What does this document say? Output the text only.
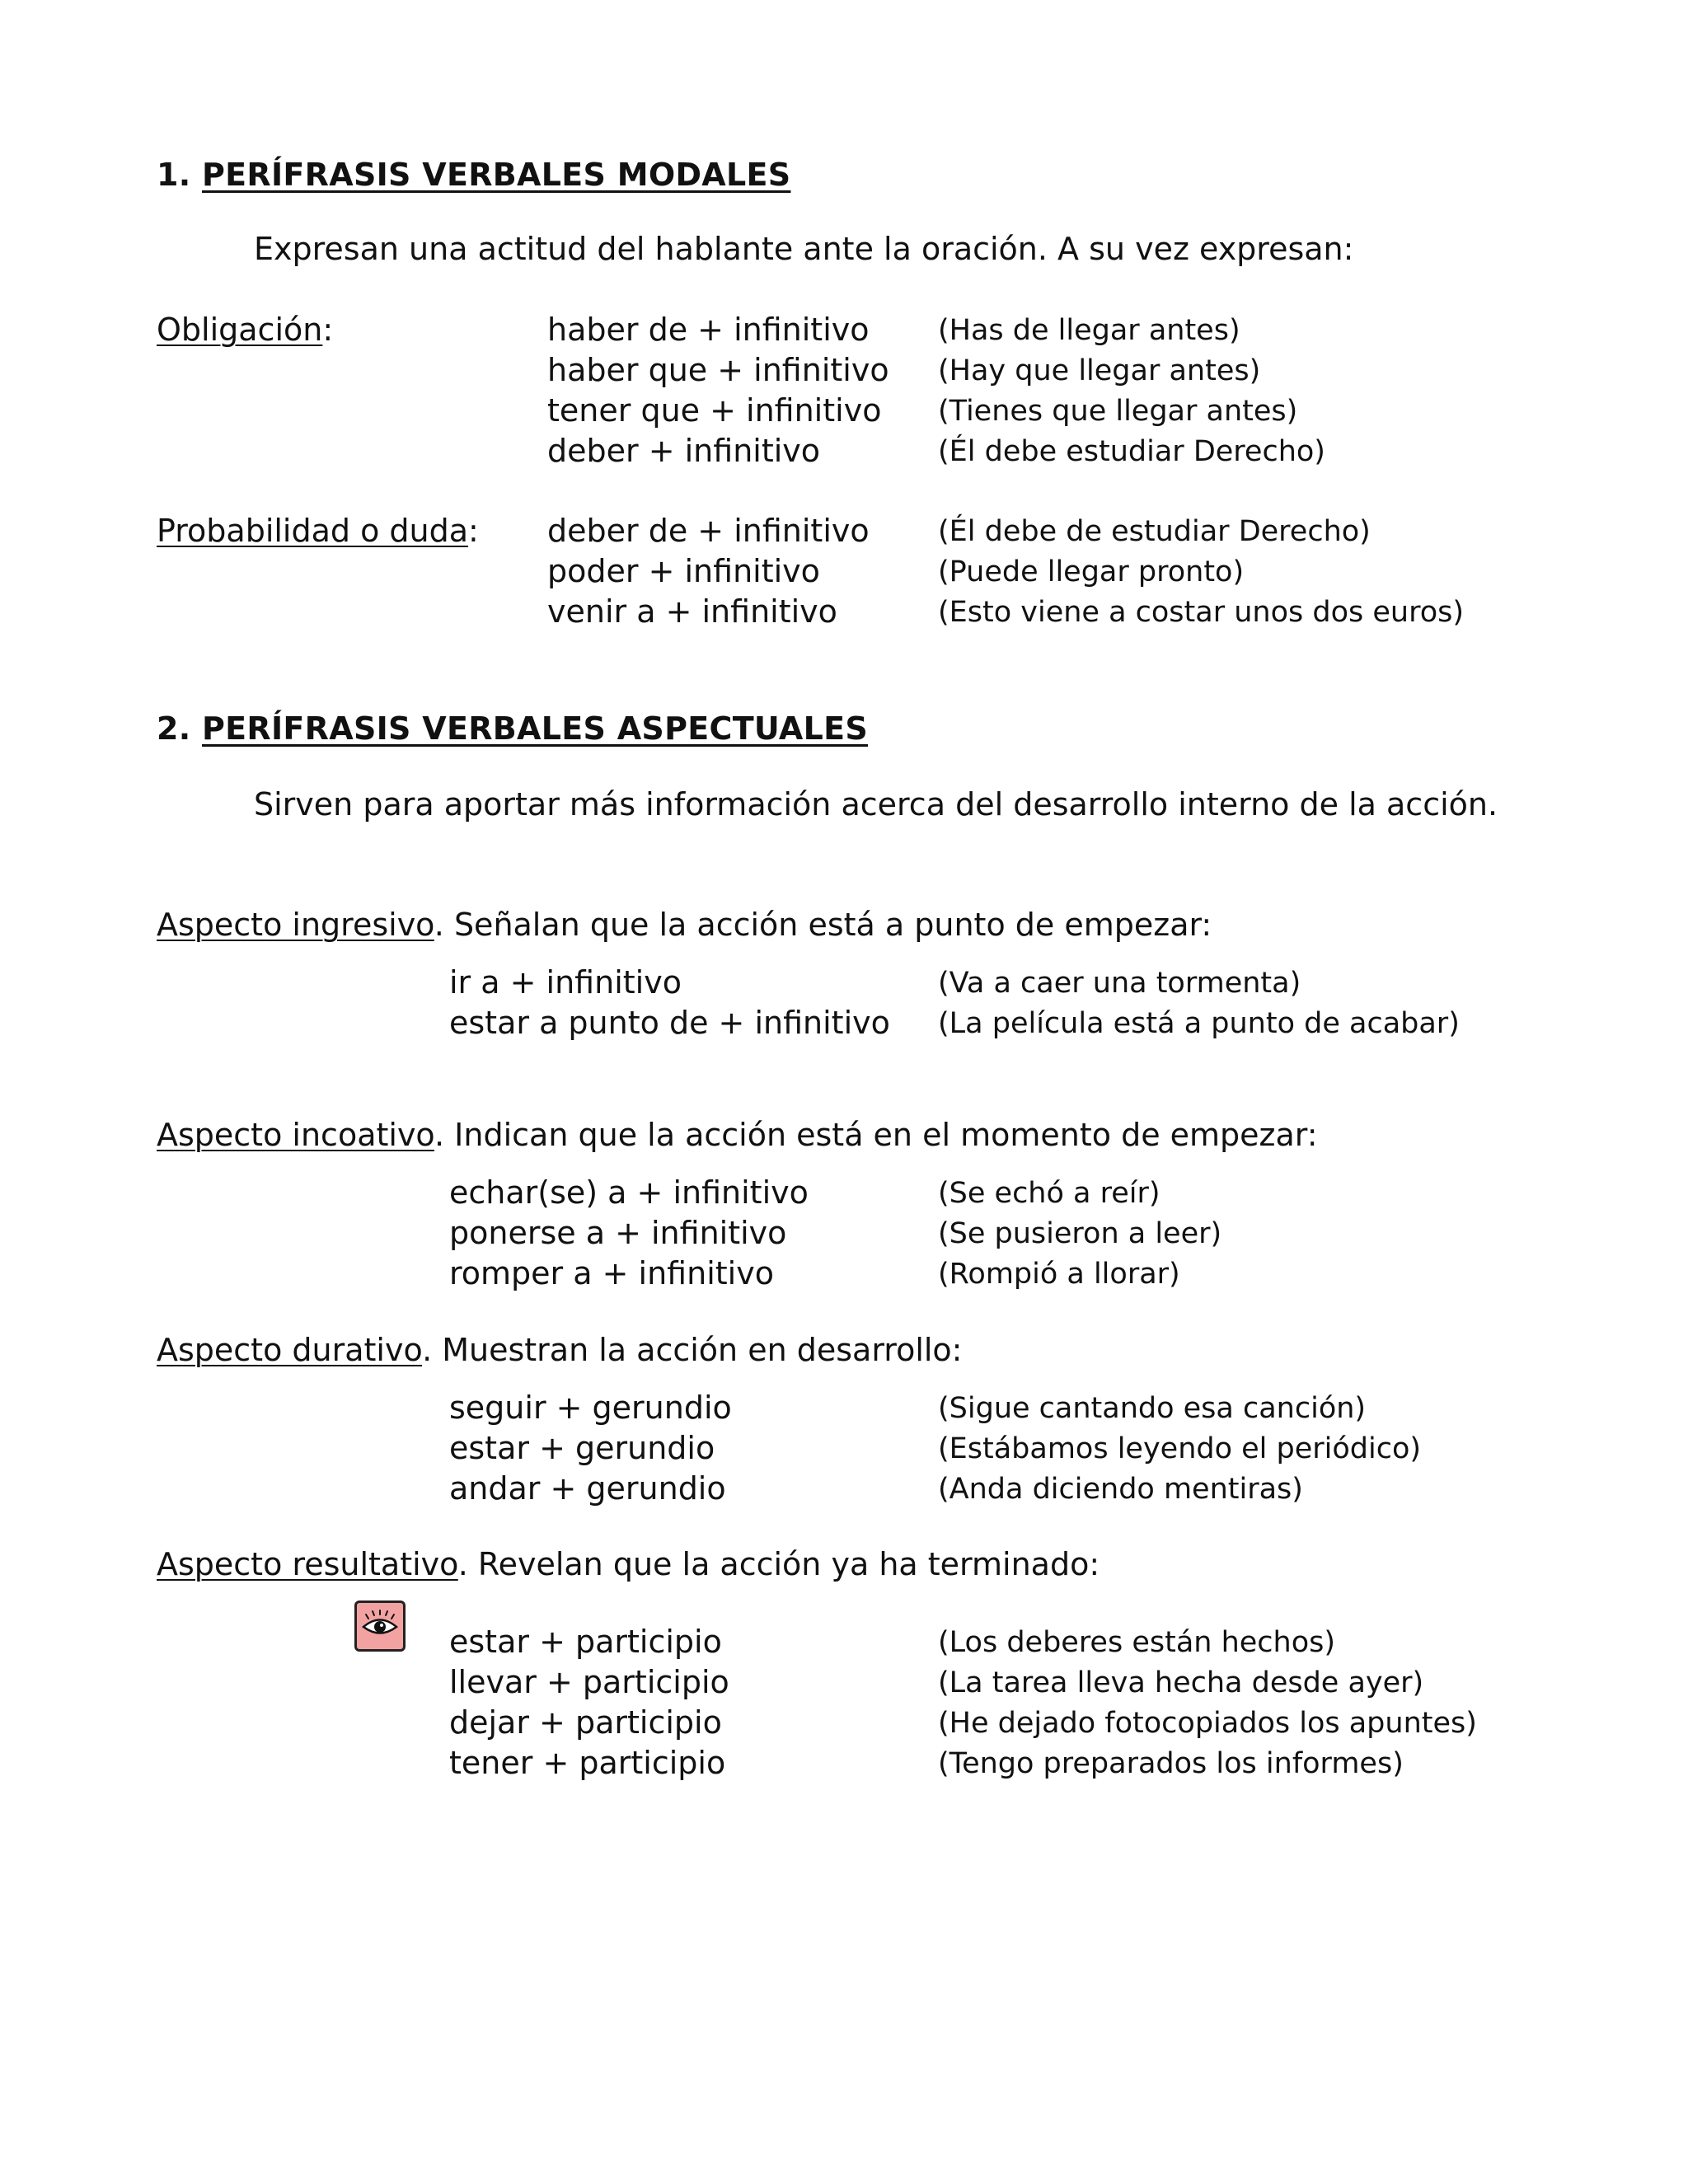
1. PERÍFRASIS VERBALES MODALES
Expresan una actitud del hablante ante la oración. A su vez expresan:
Obligación:	haber de + infinitivo (Has de llegar antes)
haber que + infinitivo (Hay que llegar antes)
tener que + infinitivo (Tienes que llegar antes)
deber + infinitivo	(Él debe estudiar Derecho)
Probabilidad o duda: deber de + infinitivo (Él debe de estudiar Derecho)
poder + infinitivo	(Puede llegar pronto)
venir a + infinitivo	(Esto viene a costar unos dos euros)
2. PERÍFRASIS VERBALES ASPECTUALES
Sirven para aportar más información acerca del desarrollo interno de la acción.
Aspecto ingresivo. Señalan que la acción está a punto de empezar:
ir a + infinitivo	(Va a caer una tormenta)
estar a punto de + infinitivo (La película está a punto de acabar)
Aspecto incoativo. Indican que la acción está en el momento de empezar:
echar(se) a + infinitivo	(Se echó a reír)
ponerse a + infinitivo	(Se pusieron a leer)
romper a + infinitivo	(Rompió a llorar)
Aspecto durativo. Muestran la acción en desarrollo:
seguir + gerundio	(Sigue cantando esa canción)
estar + gerundio	(Estábamos leyendo el periódico)
andar + gerundio	(Anda diciendo mentiras)
Aspecto resultativo. Revelan que la acción ya ha terminado:
estar + participio	(Los deberes están hechos)
llevar + participio	(La tarea lleva hecha desde ayer)
dejar + participio	(He dejado fotocopiados los apuntes)
tener + participio	(Tengo preparados los informes)
